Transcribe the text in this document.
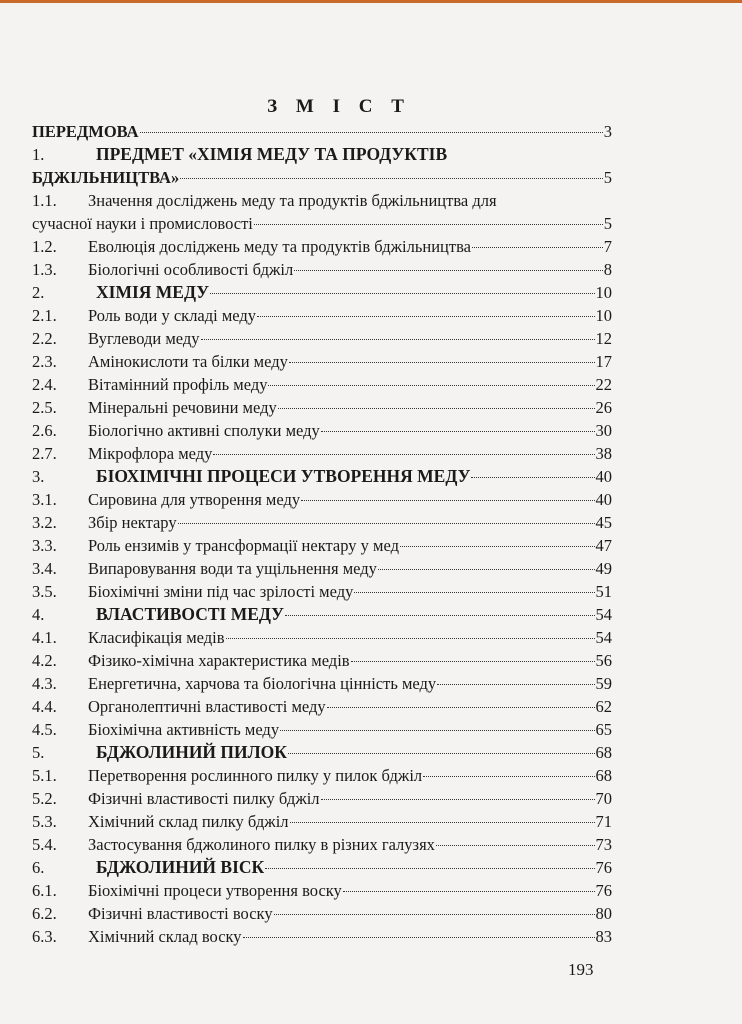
З М І С Т
ПЕРЕДМОВА	3
1.	ПРЕДМЕТ «ХІМІЯ МЕДУ ТА ПРОДУКТІВ
БДЖІЛЬНИЦТВА»	5
1.1.	Значення досліджень меду та продуктів бджільництва для
сучасної науки і промисловості	5
1.2.	Еволюція досліджень меду та продуктів бджільництва	7
1.3.	Біологічні особливості бджіл	8
2.	ХІМІЯ МЕДУ	10
2.1.	Роль води у складі меду	10
2.2.	Вуглеводи меду	12
2.3.	Амінокислоти та білки меду	17
2.4.	Вітамінний профіль меду	22
2.5.	Мінеральні речовини меду	26
2.6.	Біологічно активні сполуки меду	30
2.7.	Мікрофлора меду	38
3.	БІОХІМІЧНІ ПРОЦЕСИ УТВОРЕННЯ МЕДУ	40
3.1.	Сировина для утворення меду	40
3.2.	Збір нектару	45
3.3.	Роль ензимів у трансформації нектару у мед	47
3.4.	Випаровування води та ущільнення меду	49
3.5.	Біохімічні зміни під час зрілості меду	51
4.	ВЛАСТИВОСТІ МЕДУ	54
4.1.	Класифікація медів	54
4.2.	Фізико-хімічна характеристика медів	56
4.3.	Енергетична, харчова та біологічна цінність меду	59
4.4.	Органолептичні властивості меду	62
4.5.	Біохімічна активність меду	65
5.	БДЖОЛИНИЙ ПИЛОК	68
5.1.	Перетворення рослинного пилку у пилок бджіл	68
5.2.	Фізичні властивості пилку бджіл	70
5.3.	Хімічний склад пилку бджіл	71
5.4.	Застосування бджолиного пилку в різних галузях	73
6.	БДЖОЛИНИЙ ВІСК	76
6.1.	Біохімічні процеси утворення воску	76
6.2.	Фізичні властивості воску	80
6.3.	Хімічний склад воску	83
193
